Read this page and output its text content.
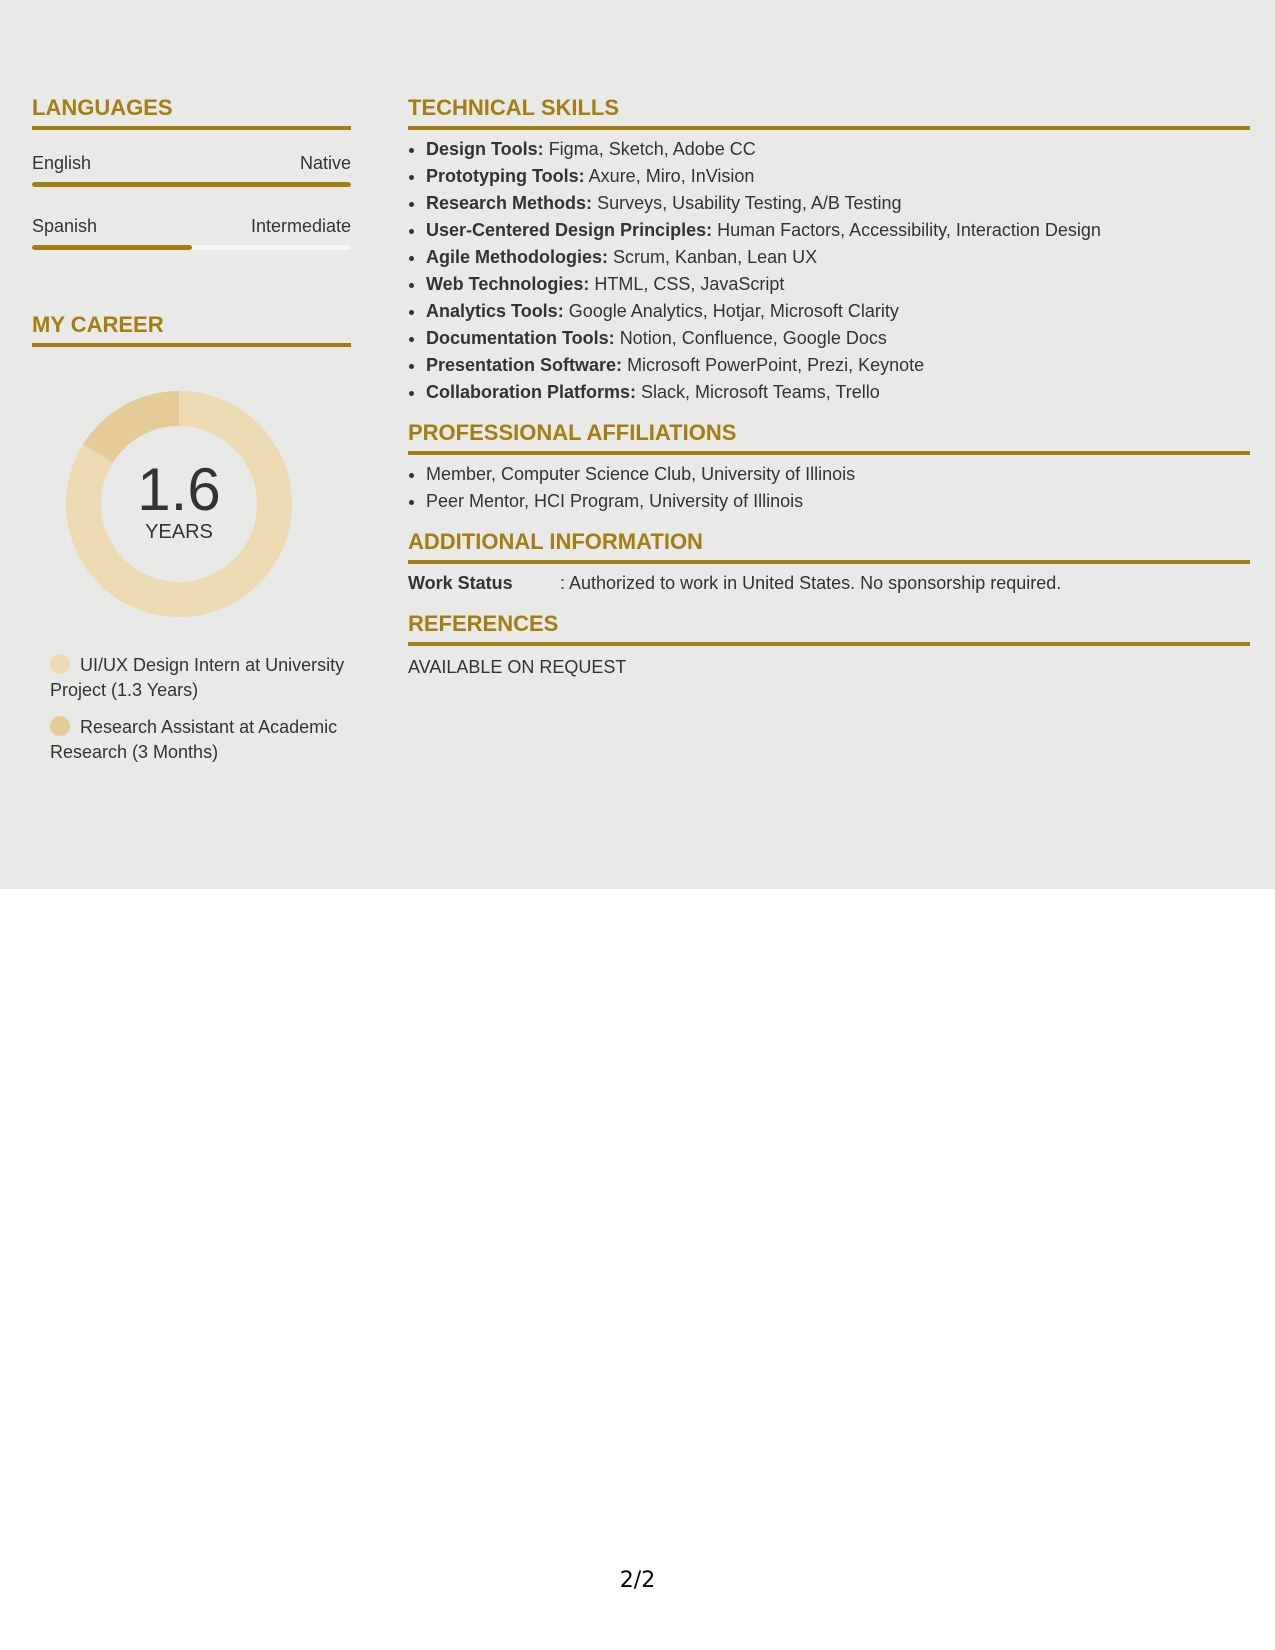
LANGUAGES
English	Native
Spanish	Intermediate
MY CAREER
1.6
YEARS
UI/UX Design Intern at University Project (1.3 Years)
Research Assistant at Academic Research (3 Months)
TECHNICAL SKILLS
• Design Tools: Figma, Sketch, Adobe CC
• Prototyping Tools: Axure, Miro, InVision
• Research Methods: Surveys, Usability Testing, A/B Testing
• User-Centered Design Principles: Human Factors, Accessibility, Interaction Design
• Agile Methodologies: Scrum, Kanban, Lean UX
• Web Technologies: HTML, CSS, JavaScript
• Analytics Tools: Google Analytics, Hotjar, Microsoft Clarity
• Documentation Tools: Notion, Confluence, Google Docs
• Presentation Software: Microsoft PowerPoint, Prezi, Keynote
• Collaboration Platforms: Slack, Microsoft Teams, Trello
PROFESSIONAL AFFILIATIONS
• Member, Computer Science Club, University of Illinois
• Peer Mentor, HCI Program, University of Illinois
ADDITIONAL INFORMATION
Work Status	: Authorized to work in United States. No sponsorship required.
REFERENCES
AVAILABLE ON REQUEST
2/2
